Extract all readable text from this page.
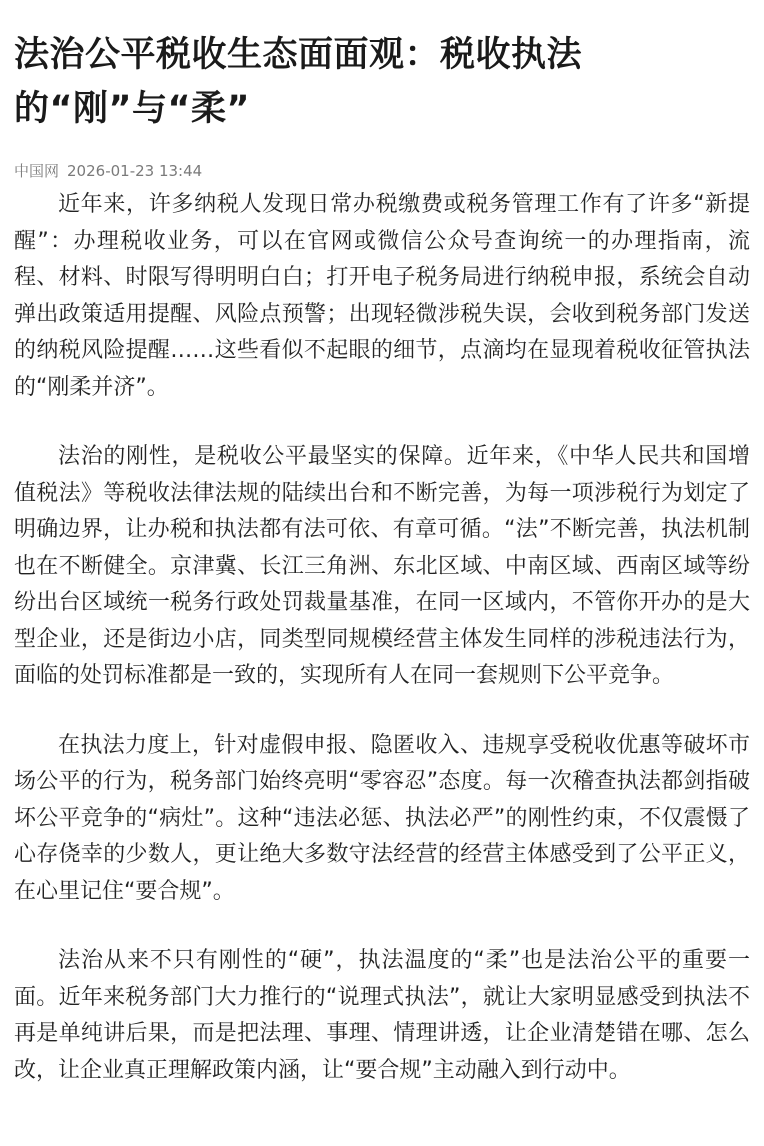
法治公平税收生态面面观：税收执法的“刚”与“柔”
中国网 2026-01-23 13:44

近年来，许多纳税人发现日常办税缴费或税务管理工作有了许多“新提醒”：办理税收业务，可以在官网或微信公众号查询统一的办理指南，流程、材料、时限写得明明白白；打开电子税务局进行纳税申报，系统会自动弹出政策适用提醒、风险点预警；出现轻微涉税失误，会收到税务部门发送的纳税风险提醒……这些看似不起眼的细节，点滴均在显现着税收征管执法的“刚柔并济”。

法治的刚性，是税收公平最坚实的保障。近年来，《中华人民共和国增值税法》等税收法律法规的陆续出台和不断完善，为每一项涉税行为划定了明确边界，让办税和执法都有法可依、有章可循。“法”不断完善，执法机制也在不断健全。京津冀、长江三角洲、东北区域、中南区域、西南区域等纷纷出台区域统一税务行政处罚裁量基准，在同一区域内，不管你开办的是大型企业，还是街边小店，同类型同规模经营主体发生同样的涉税违法行为，面临的处罚标准都是一致的，实现所有人在同一套规则下公平竞争。

在执法力度上，针对虚假申报、隐匿收入、违规享受税收优惠等破坏市场公平的行为，税务部门始终亮明“零容忍”态度。每一次稽查执法都剑指破坏公平竞争的“病灶”。这种“违法必惩、执法必严”的刚性约束，不仅震慑了心存侥幸的少数人，更让绝大多数守法经营的经营主体感受到了公平正义，在心里记住“要合规”。

法治从来不只有刚性的“硬”，执法温度的“柔”也是法治公平的重要一面。近年来税务部门大力推行的“说理式执法”，就让大家明显感受到执法不再是单纯讲后果，而是把法理、事理、情理讲透，让企业清楚错在哪、怎么改，让企业真正理解政策内涵，让“要合规”主动融入到行动中。
